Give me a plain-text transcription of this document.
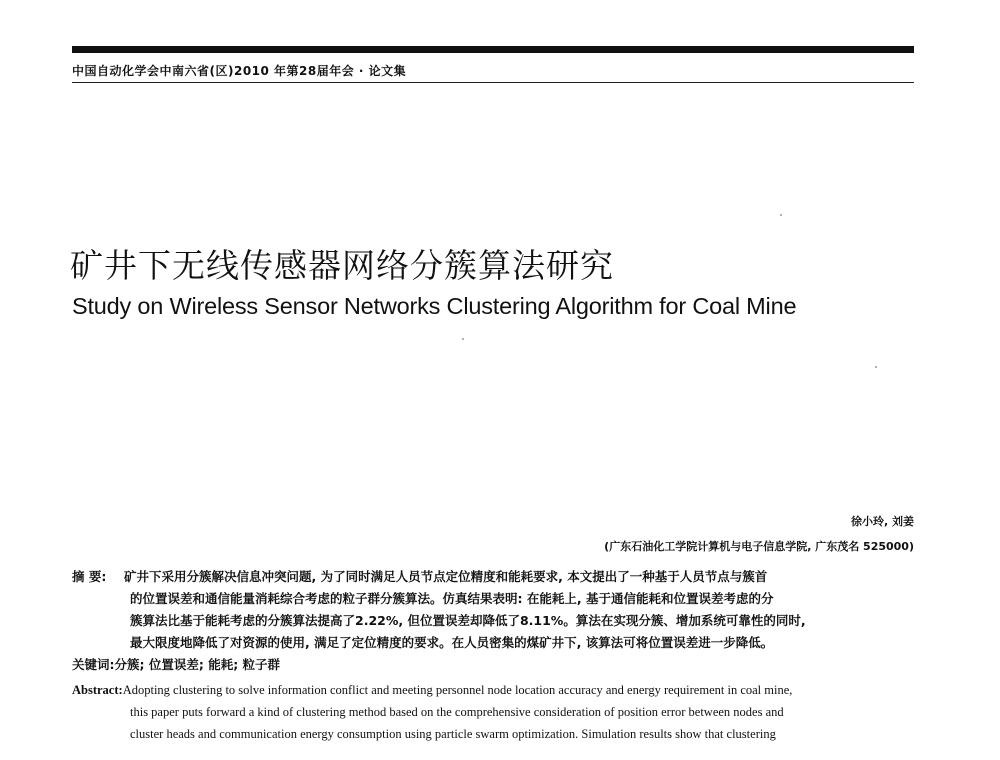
中国自动化学会中南六省(区)2010 年第28届年会 · 论文集
矿井下无线传感器网络分簇算法研究
Study on Wireless Sensor Networks Clustering Algorithm for Coal Mine
徐小玲, 刘姜
(广东石油化工学院计算机与电子信息学院, 广东茂名 525000)
摘 要: 矿井下采用分簇解决信息冲突问题, 为了同时满足人员节点定位精度和能耗要求, 本文提出了一种基于人员节点与簇首
的位置误差和通信能量消耗综合考虑的粒子群分簇算法。仿真结果表明: 在能耗上, 基于通信能耗和位置误差考虑的分
簇算法比基于能耗考虑的分簇算法提高了2.22%, 但位置误差却降低了8.11%。算法在实现分簇、增加系统可靠性的同时,
最大限度地降低了对资源的使用, 满足了定位精度的要求。在人员密集的煤矿井下, 该算法可将位置误差进一步降低。
关键词:分簇; 位置误差; 能耗; 粒子群
Abstract:Adopting clustering to solve information conflict and meeting personnel node location accuracy and energy requirement in coal mine,
this paper puts forward a kind of clustering method based on the comprehensive consideration of position error between nodes and
cluster heads and communication energy consumption using particle swarm optimization. Simulation results show that clustering
